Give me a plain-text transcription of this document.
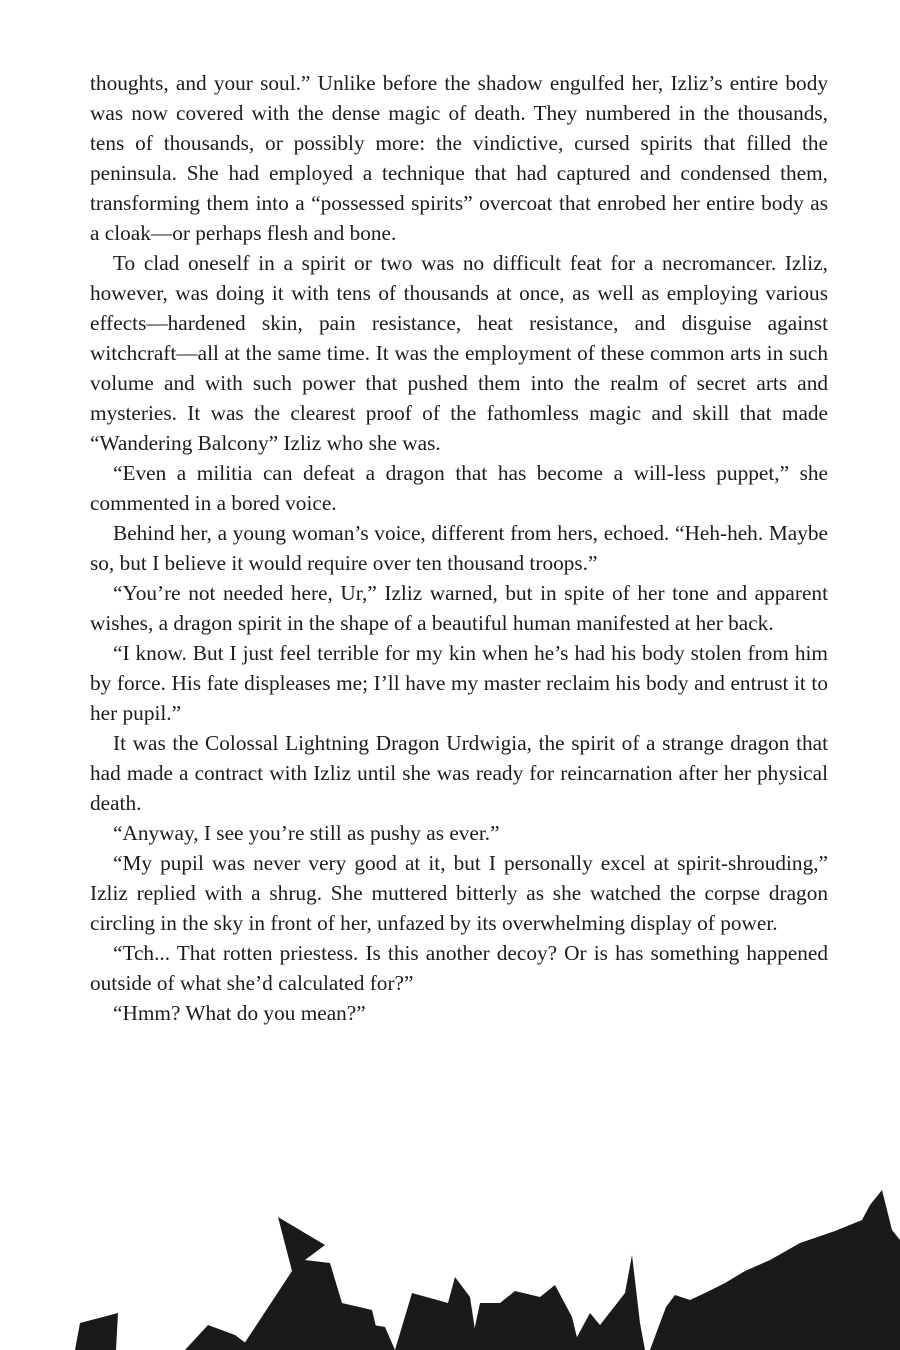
thoughts, and your soul.” Unlike before the shadow engulfed her, Izliz’s entire body was now covered with the dense magic of death. They numbered in the thousands, tens of thousands, or possibly more: the vindictive, cursed spirits that filled the peninsula. She had employed a technique that had captured and condensed them, transforming them into a “possessed spirits” overcoat that enrobed her entire body as a cloak—or perhaps flesh and bone.

To clad oneself in a spirit or two was no difficult feat for a necromancer. Izliz, however, was doing it with tens of thousands at once, as well as employing various effects—hardened skin, pain resistance, heat resistance, and disguise against witchcraft—all at the same time. It was the employment of these common arts in such volume and with such power that pushed them into the realm of secret arts and mysteries. It was the clearest proof of the fathomless magic and skill that made “Wandering Balcony” Izliz who she was.

“Even a militia can defeat a dragon that has become a will-less puppet,” she commented in a bored voice.

Behind her, a young woman’s voice, different from hers, echoed. “Heh-heh. Maybe so, but I believe it would require over ten thousand troops.”

“You’re not needed here, Ur,” Izliz warned, but in spite of her tone and apparent wishes, a dragon spirit in the shape of a beautiful human manifested at her back.

“I know. But I just feel terrible for my kin when he’s had his body stolen from him by force. His fate displeases me; I’ll have my master reclaim his body and entrust it to her pupil.”

It was the Colossal Lightning Dragon Urdwigia, the spirit of a strange dragon that had made a contract with Izliz until she was ready for reincarnation after her physical death.

“Anyway, I see you’re still as pushy as ever.”

“My pupil was never very good at it, but I personally excel at spirit-shrouding,” Izliz replied with a shrug. She muttered bitterly as she watched the corpse dragon circling in the sky in front of her, unfazed by its overwhelming display of power.

“Tch... That rotten priestess. Is this another decoy? Or is has something happened outside of what she’d calculated for?”

“Hmm? What do you mean?”
